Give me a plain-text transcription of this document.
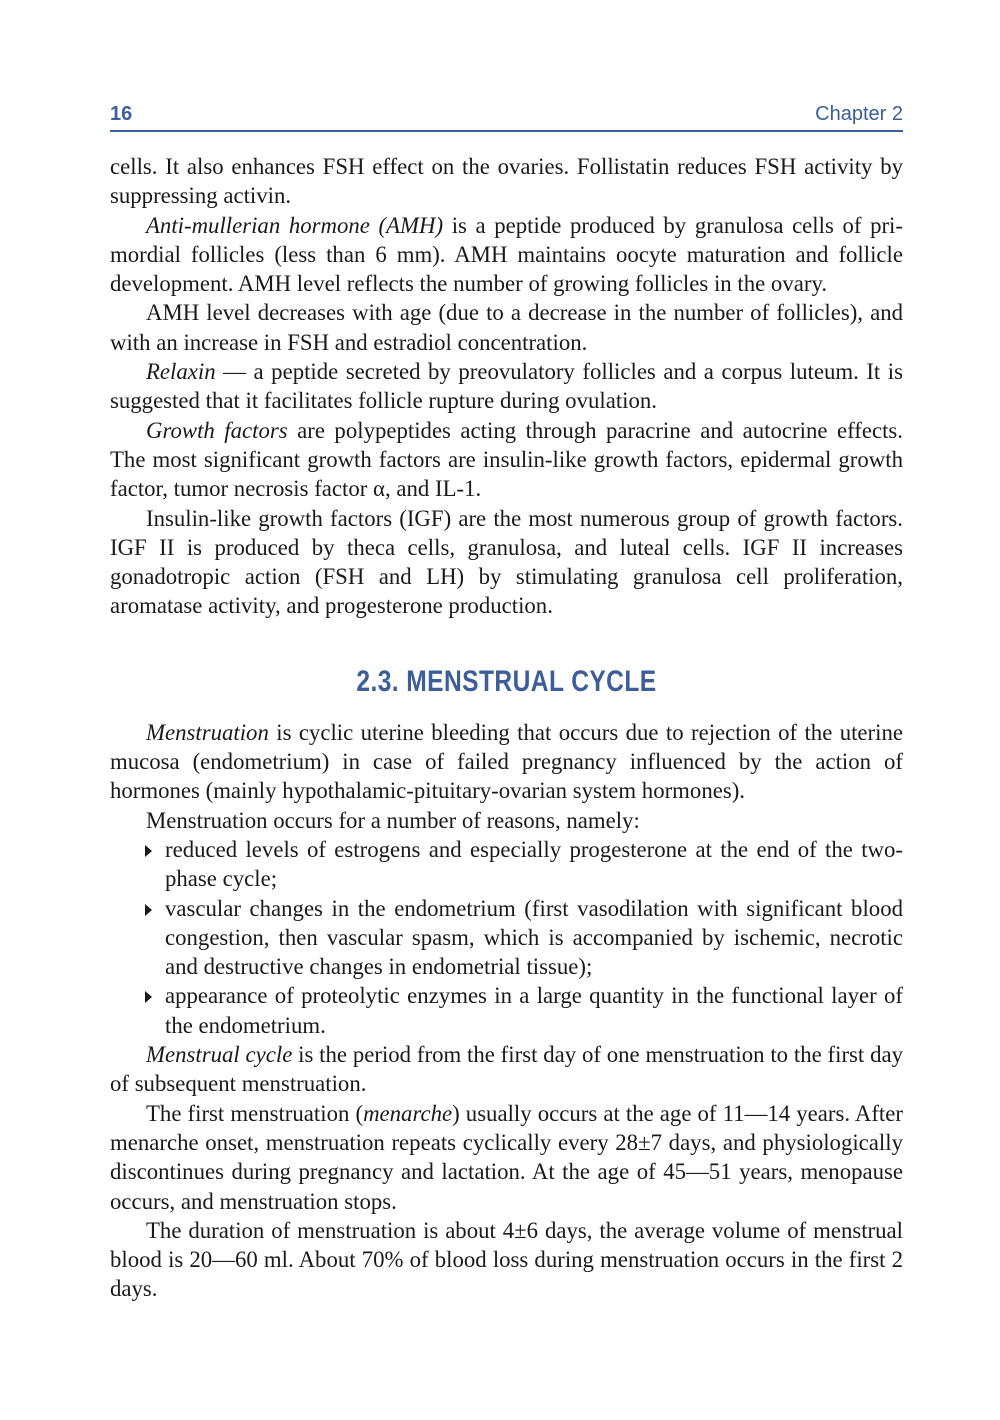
16	Chapter 2

cells. It also enhances FSH effect on the ovaries. Follistatin reduces FSH activity by suppressing activin.

Anti-mullerian hormone (AMH) is a peptide produced by granulosa cells of primordial follicles (less than 6 mm). AMH maintains oocyte maturation and follicle development. AMH level reflects the number of growing follicles in the ovary.

AMH level decreases with age (due to a decrease in the number of follicles), and with an increase in FSH and estradiol concentration.

Relaxin — a peptide secreted by preovulatory follicles and a corpus luteum. It is suggested that it facilitates follicle rupture during ovulation.

Growth factors are polypeptides acting through paracrine and autocrine effects. The most significant growth factors are insulin-like growth factors, epidermal growth factor, tumor necrosis factor α, and IL-1.

Insulin-like growth factors (IGF) are the most numerous group of growth factors. IGF II is produced by theca cells, granulosa, and luteal cells. IGF II increases gonadotropic action (FSH and LH) by stimulating granulosa cell proliferation, aromatase activity, and progesterone production.

2.3. MENSTRUAL CYCLE

Menstruation is cyclic uterine bleeding that occurs due to rejection of the uterine mucosa (endometrium) in case of failed pregnancy influenced by the action of hormones (mainly hypothalamic-pituitary-ovarian system hormones).

Menstruation occurs for a number of reasons, namely:

reduced levels of estrogens and especially progesterone at the end of the two-phase cycle;
vascular changes in the endometrium (first vasodilation with significant blood congestion, then vascular spasm, which is accompanied by ischemic, necrotic and destructive changes in endometrial tissue);
appearance of proteolytic enzymes in a large quantity in the functional layer of the endometrium.

Menstrual cycle is the period from the first day of one menstruation to the first day of subsequent menstruation.

The first menstruation (menarche) usually occurs at the age of 11—14 years. After menarche onset, menstruation repeats cyclically every 28±7 days, and physiologically discontinues during pregnancy and lactation. At the age of 45—51 years, menopause occurs, and menstruation stops.

The duration of menstruation is about 4±6 days, the average volume of menstrual blood is 20—60 ml. About 70% of blood loss during menstruation occurs in the first 2 days.
